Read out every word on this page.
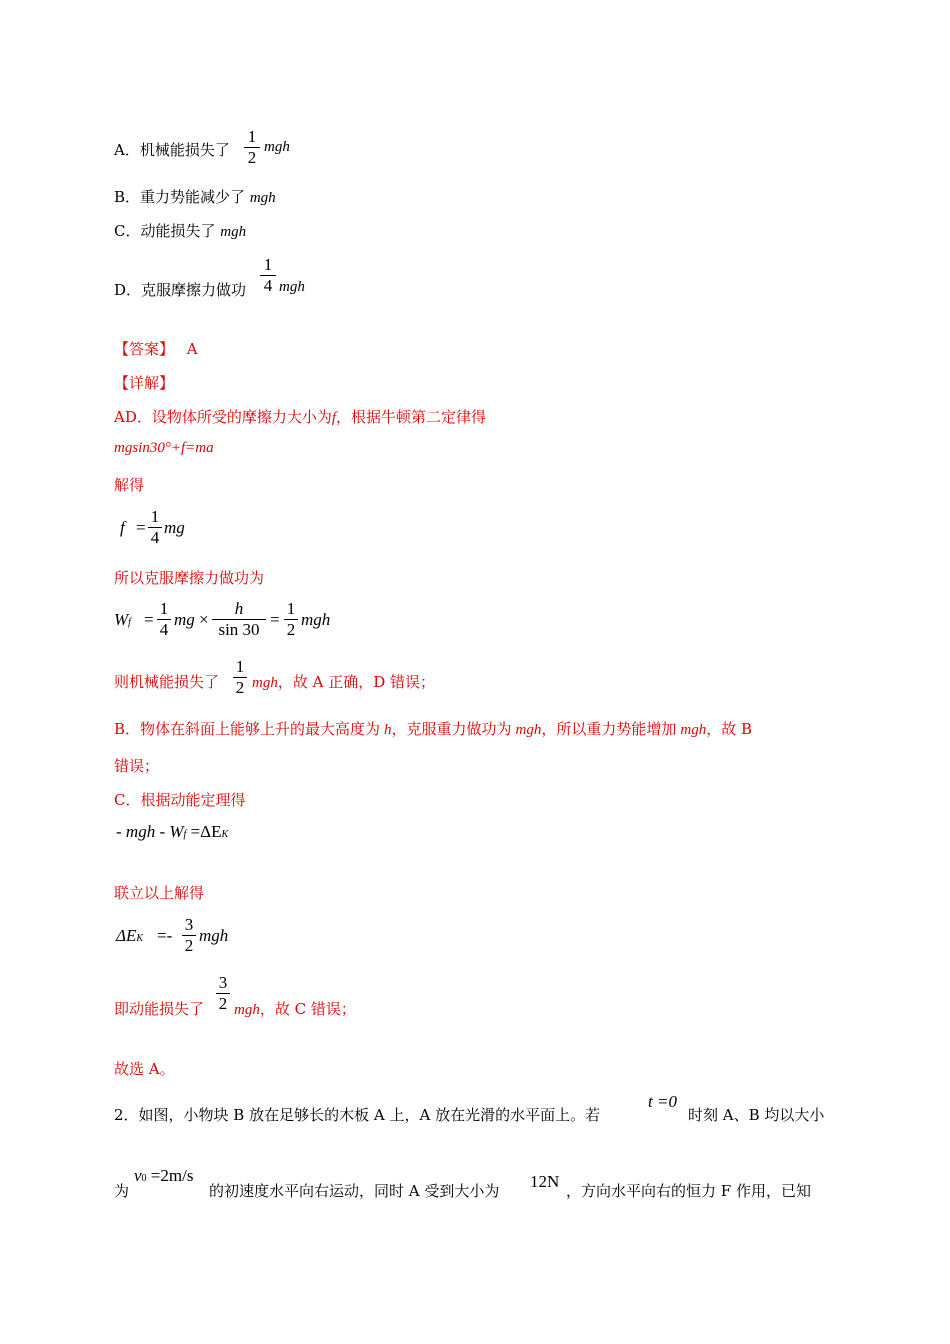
A．机械能损失了
1
2
mgh
B．重力势能减少了 mgh
C．动能损失了 mgh
D．克服摩擦力做功
1
4 mgh
【答案】 A
【详解】
AD．设物体所受的摩擦力大小为f，根据牛顿第二定律得
mgsin30°+f=ma
解得
f =
1
4
mg
所以克服摩擦力做功为
Wf =
1
4
mg ×
h
sin 30
=
1
2
mgh
则机械能损失了
1
2 mgh，故 A 正确，D 错误；
B．物体在斜面上能够上升的最大高度为 h，克服重力做功为 mgh，所以重力势能增加 mgh，故 B
错误；
C．根据动能定理得
- mgh - Wf =ΔEK
联立以上解得
ΔEK =-
3
2
mgh
即动能损失了
3
2 mgh，故 C 错误；
故选 A。
2．如图，小物块 B 放在足够长的木板 A 上，A 放在光滑的水平面上。若
t =0
时刻 A、B 均以大小
为
v0 =2m/s
的初速度水平向右运动，同时 A 受到大小为 12N ，方向水平向右的恒力 F 作用，已知
